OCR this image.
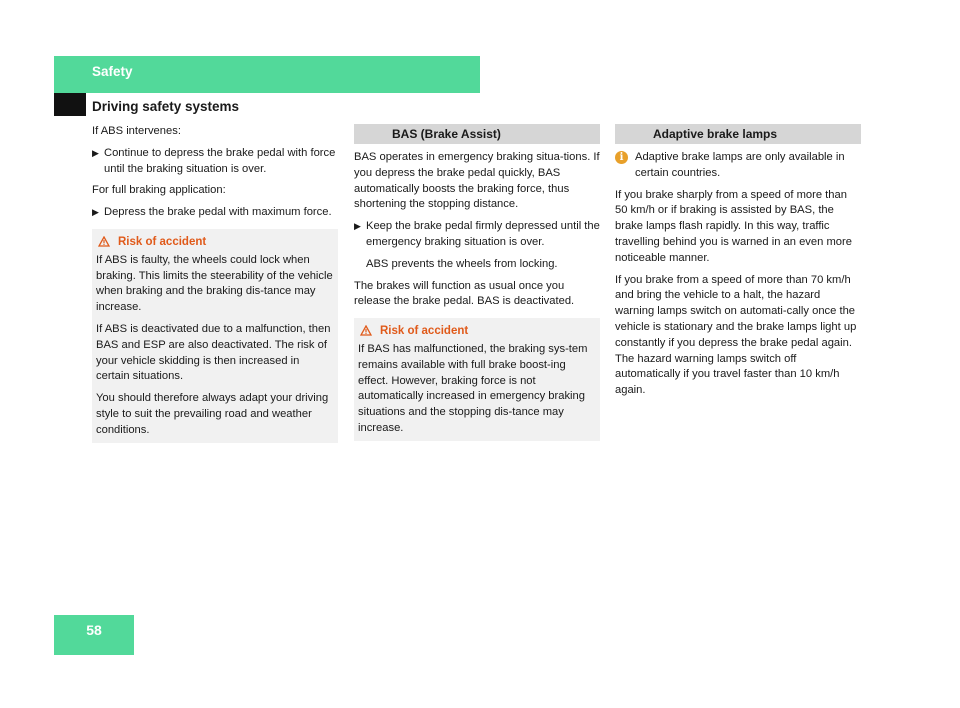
Safety
Driving safety systems

If ABS intervenes:

▶ Continue to depress the brake pedal with force until the braking situation is over.

For full braking application:

▶ Depress the brake pedal with maximum force.
Risk of accident

If ABS is faulty, the wheels could lock when braking. This limits the steerability of the vehicle when braking and the braking dis-tance may increase.

If ABS is deactivated due to a malfunction, then BAS and ESP are also deactivated. The risk of your vehicle skidding is then increased in certain situations.

You should therefore always adapt your driving style to suit the prevailing road and weather conditions.

BAS (Brake Assist)

BAS operates in emergency braking situa-tions. If you depress the brake pedal quickly, BAS automatically boosts the braking force, thus shortening the stopping distance.

▶ Keep the brake pedal firmly depressed until the emergency braking situation is over.

ABS prevents the wheels from locking.

The brakes will function as usual once you release the brake pedal. BAS is deactivated.

Risk of accident

If BAS has malfunctioned, the braking sys-tem remains available with full brake boost-ing effect. However, braking force is not automatically increased in emergency braking situations and the stopping dis-tance may increase.

Adaptive brake lamps
i	Adaptive brake lamps are only available in certain countries.

If you brake sharply from a speed of more than 50 km/h or if braking is assisted by BAS, the brake lamps flash rapidly. In this way, traffic travelling behind you is warned in an even more noticeable manner.

If you brake from a speed of more than 70 km/h and bring the vehicle to a halt, the hazard warning lamps switch on automati-cally once the vehicle is stationary and the brake lamps light up constantly if you depress the brake pedal again. The hazard warning lamps switch off automatically if you travel faster than 10 km/h again.

58
